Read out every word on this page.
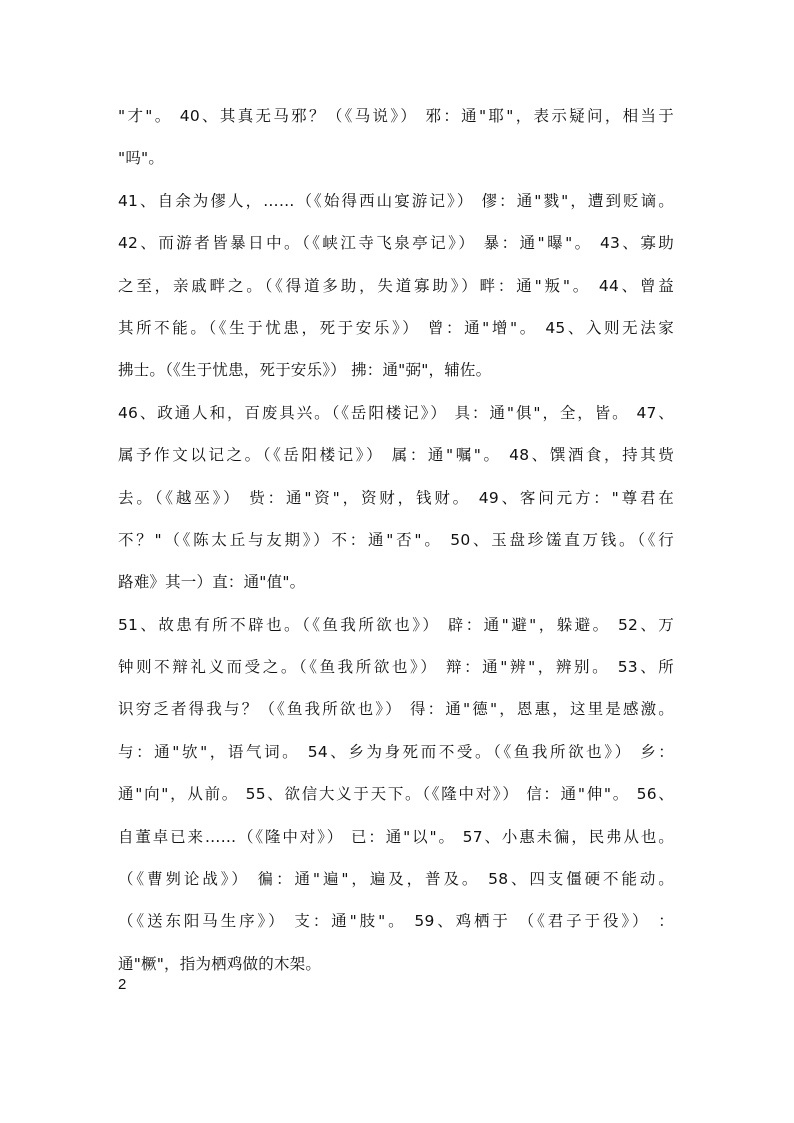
"才"。 40、其真无马邪？（《马说》） 邪：通"耶"，表示疑问，相当于
"吗"。
41、自余为僇人，……（《始得西山宴游记》） 僇：通"戮"，遭到贬谪。
42、而游者皆暴日中。（《峡江寺飞泉亭记》） 暴：通"曝"。 43、寡助
之至，亲戚畔之。（《得道多助，失道寡助》）畔：通"叛"。 44、曾益
其所不能。（《生于忧患，死于安乐》） 曾：通"增"。 45、入则无法家
拂士。（《生于忧患，死于安乐》） 拂：通"弼"，辅佐。
46、政通人和，百废具兴。（《岳阳楼记》） 具：通"俱"，全，皆。 47、
属予作文以记之。（《岳阳楼记》） 属：通"嘱"。 48、馔酒食，持其赀
去。（《越巫》） 赀：通"资"，资财，钱财。 49、客问元方："尊君在
不？"（《陈太丘与友期》）不：通"否"。 50、玉盘珍馐直万钱。（《行
路难》其一）直：通"值"。
51、故患有所不辟也。（《鱼我所欲也》） 辟：通"避"，躲避。 52、万
钟则不辩礼义而受之。（《鱼我所欲也》） 辩：通"辨"，辨别。 53、所
识穷乏者得我与？（《鱼我所欲也》） 得：通"德"，恩惠，这里是感激。
与：通"欤"，语气词。 54、乡为身死而不受。（《鱼我所欲也》） 乡：
通"向"，从前。 55、欲信大义于天下。（《隆中对》） 信：通"伸"。 56、
自董卓已来……（《隆中对》） 已：通"以"。 57、小惠未徧，民弗从也。
（《曹刿论战》） 徧：通"遍"，遍及，普及。 58、四支僵硬不能动。
（《送东阳马生序》） 支：通"肢"。 59、鸡栖于 （《君子于役》） ：
通"橛"，指为栖鸡做的木架。
2
